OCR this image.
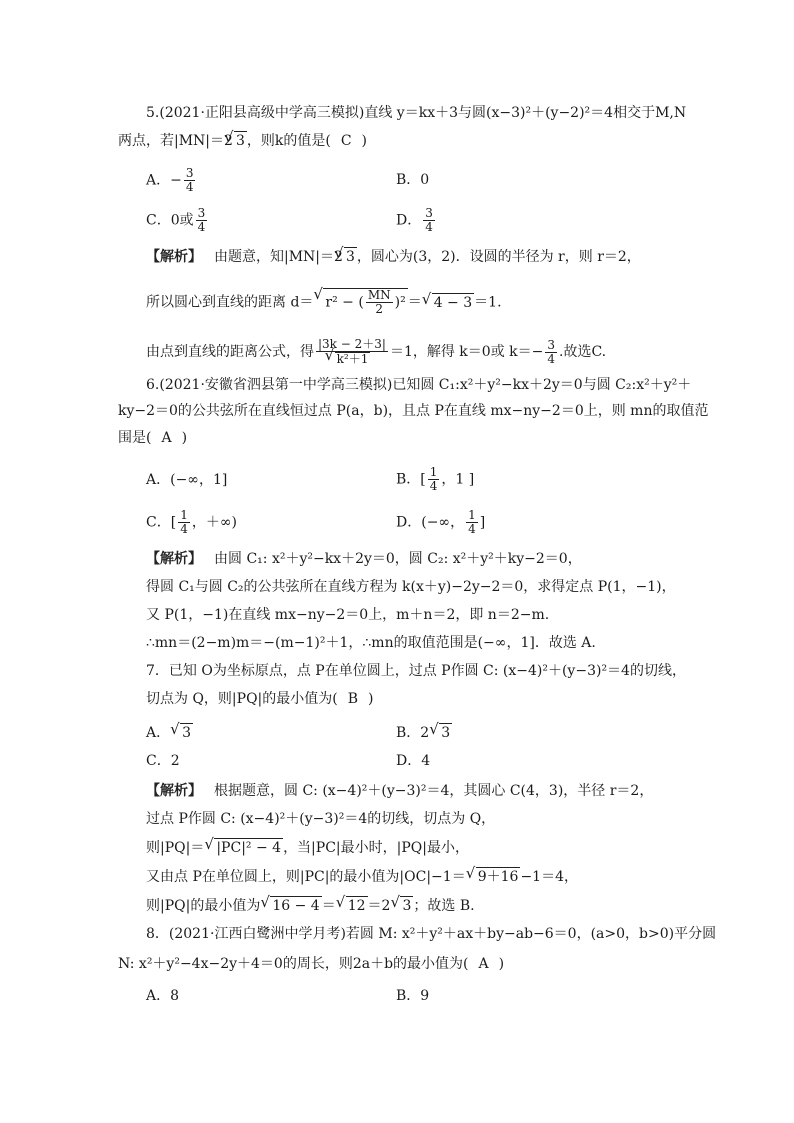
5.(2021·正阳县高级中学高三模拟)直线 y＝kx＋3与圆(x−3)²＋(y−2)²＝4相交于M,N
两点，若|MN|＝2 √ 3 ，则k的值是( C )
A．− $\frac{3}{4}$	B．0
C．0或 $\frac{3}{4}$	D． $\frac{3}{4}$
【解析】 由题意，知|MN|＝2 √ 3 ，圆心为(3，2)．设圆的半径为 r，则 r＝2，
所以圆心到直线的距离 d＝ √ r² − ( $\frac{MN}{2} )^2$ ＝ √ 4 − 3 ＝1.
由点到直线的距离公式，得 |3k − 2＋3|
√ k²＋1 ＝1，解得 k＝0或 $k=- \frac{3}{4}$ .故选C.
6.(2021·安徽省泗县第一中学高三模拟)已知圆 C₁:x²＋y²−kx＋2y＝0与圆 C₂:x²＋y²＋
ky−2＝0的公共弦所在直线恒过点 P(a，b)，且点 P在直线 mx−ny−2＝0上，则 mn的取值范
围是( A )
A．(−∞，1]	B．[ $\frac{1}{4}$ ，1 ]
C．[ $\frac{1}{4}$ ，＋∞)	D．(−∞， $\frac{1}{4}$ ]
【解析】 由圆 C₁: x²＋y²−kx＋2y＝0，圆 C₂: x²＋y²＋ky−2＝0，
得圆 C₁与圆 C₂的公共弦所在直线方程为 k(x＋y)−2y−2＝0，求得定点 P(1，−1)，
又 P(1，−1)在直线 mx−ny−2＝0上，m＋n＝2，即 n＝2−m.
∴mn＝(2−m)m＝−(m−1)²＋1，∴mn的取值范围是(−∞，1]．故选 A.
7．已知 O为坐标原点，点 P在单位圆上，过点 P作圆 C: (x−4)²＋(y−3)²＝4的切线，
切点为 Q，则|PQ|的最小值为( B )
A． √ 3	B．2 √ 3
C．2	D．4
【解析】 根据题意，圆 C: (x−4)²＋(y−3)²＝4，其圆心 C(4，3)，半径 r＝2，
过点 P作圆 C: (x−4)²＋(y−3)²＝4的切线，切点为 Q，
则|PQ|＝ √ |PC|² − 4 ，当|PC|最小时，|PQ|最小，
又由点 P在单位圆上，则|PC|的最小值为|OC|−1＝ √ 9＋16 −1＝4，
则|PQ|的最小值为 √ 16 − 4 ＝ √ 12 ＝2 √ 3 ；故选 B.
8．(2021·江西白鹭洲中学月考)若圆 M: x²＋y²＋ax＋by−ab−6＝0，(a>0，b>0)平分圆
N: x²＋y²−4x−2y＋4＝0的周长，则2a＋b的最小值为( A )
A．8	B．9
